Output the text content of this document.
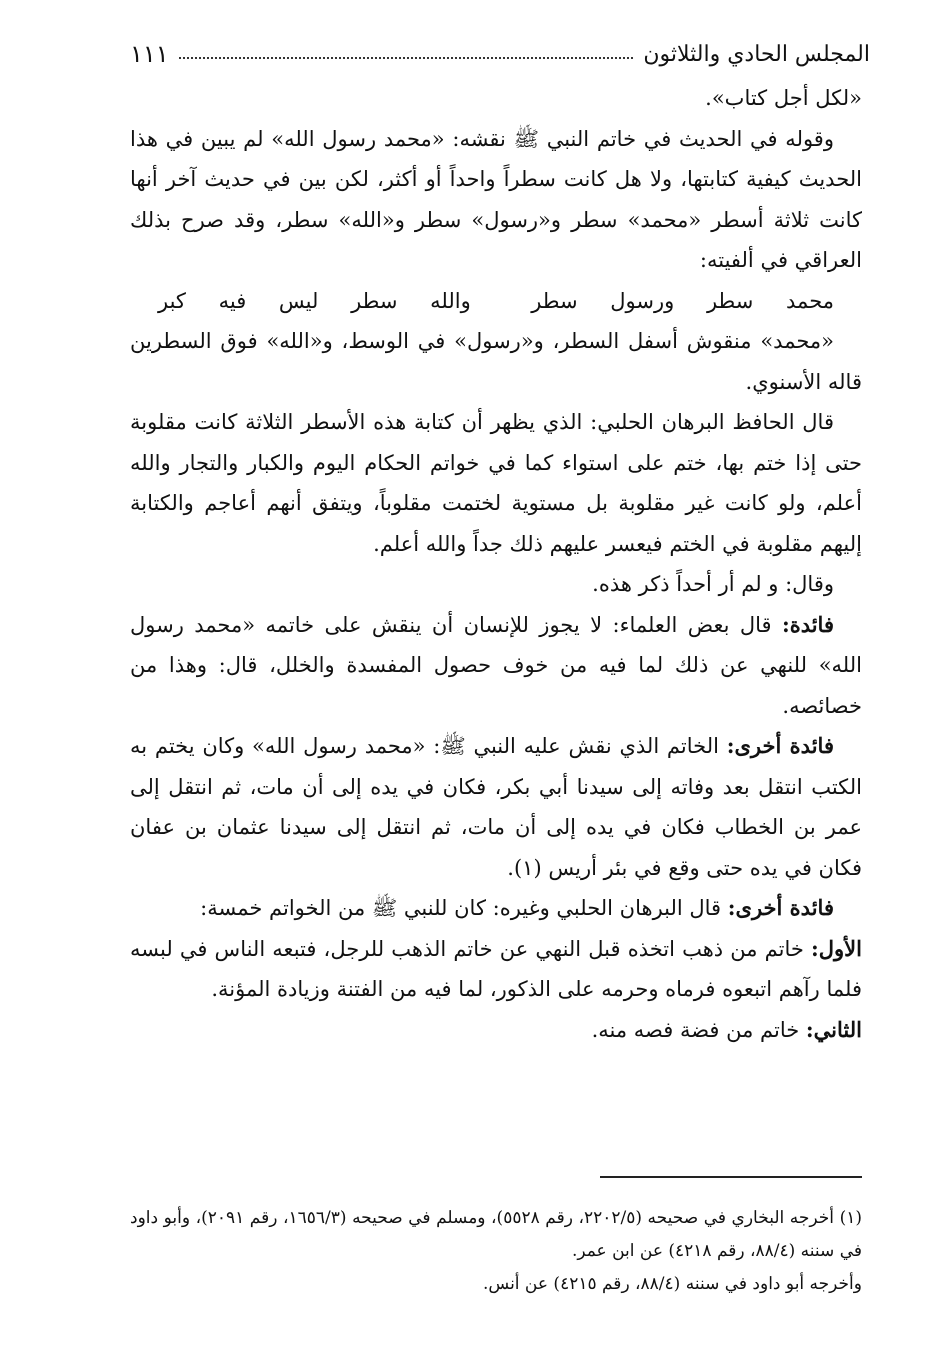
المجلس الحادي والثلاثون
١١١

«لكل أجل كتاب».

وقوله في الحديث في خاتم النبي ﷺ نقشه: «محمد رسول الله» لم يبين في هذا الحديث كيفية كتابتها، ولا هل كانت سطراً واحداً أو أكثر، لكن بين في حديث آخر أنها كانت ثلاثة أسطر «محمد» سطر و«رسول» سطر و«الله» سطر، وقد صرح بذلك العراقي في ألفيته:

محمد سطر ورسول سطر
والله سطر ليس فيه كبر

«محمد» منقوش أسفل السطر، و«رسول» في الوسط، و«الله» فوق السطرين قاله الأسنوي.

قال الحافظ البرهان الحلبي: الذي يظهر أن كتابة هذه الأسطر الثلاثة كانت مقلوبة حتى إذا ختم بها، ختم على استواء كما في خواتم الحكام اليوم والكبار والتجار والله أعلم، ولو كانت غير مقلوبة بل مستوية لختمت مقلوباً، ويتفق أنهم أعاجم والكتابة إليهم مقلوبة في الختم فيعسر عليهم ذلك جداً والله أعلم.

وقال: و لم أر أحداً ذكر هذه.

فائدة: قال بعض العلماء: لا يجوز للإنسان أن ينقش على خاتمه «محمد رسول الله» للنهي عن ذلك لما فيه من خوف حصول المفسدة والخلل، قال: وهذا من خصائصه.

فائدة أخرى: الخاتم الذي نقش عليه النبي ﷺ: «محمد رسول الله» وكان يختم به الكتب انتقل بعد وفاته إلى سيدنا أبي بكر، فكان في يده إلى أن مات، ثم انتقل إلى عمر بن الخطاب فكان في يده إلى أن مات، ثم انتقل إلى سيدنا عثمان بن عفان فكان في يده حتى وقع في بئر أريس (١).

فائدة أخرى: قال البرهان الحلبي وغيره: كان للنبي ﷺ من الخواتم خمسة:

الأول: خاتم من ذهب اتخذه قبل النهي عن خاتم الذهب للرجل، فتبعه الناس في لبسه فلما رآهم اتبعوه فرماه وحرمه على الذكور، لما فيه من الفتنة وزيادة المؤنة.

الثاني: خاتم من فضة فصه منه.

(١) أخرجه البخاري في صحيحه (٢٢٠٢/٥، رقم ٥٥٢٨)، ومسلم في صحيحه (١٦٥٦/٣، رقم ٢٠٩١)، وأبو داود في سننه (٨٨/٤، رقم ٤٢١٨) عن ابن عمر.

وأخرجه أبو داود في سننه (٨٨/٤، رقم ٤٢١٥) عن أنس.
